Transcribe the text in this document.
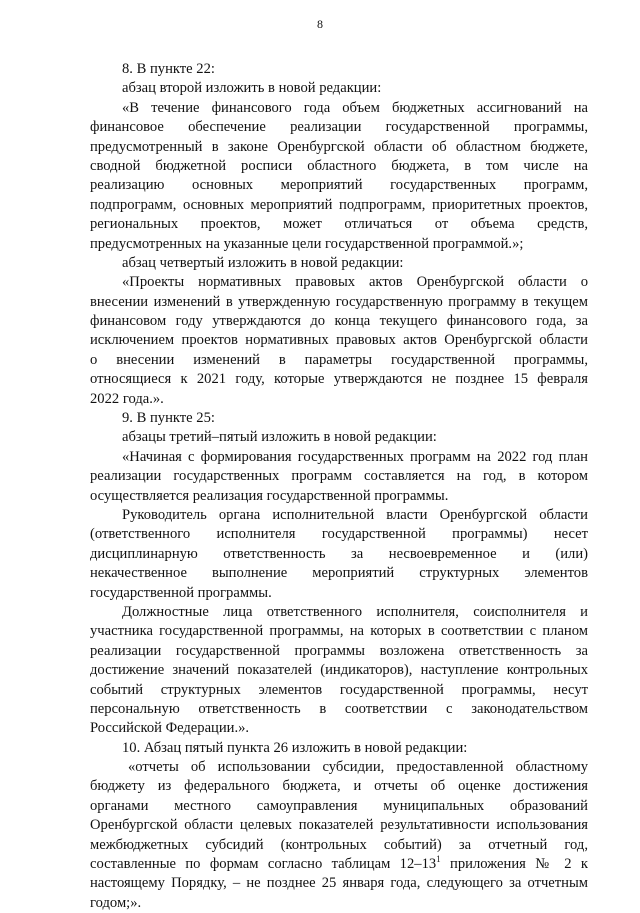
8
8. В пункте 22:
абзац второй изложить в новой редакции:
«В течение финансового года объем бюджетных ассигнований на
финансовое обеспечение реализации государственной программы,
предусмотренный в законе Оренбургской области об областном бюджете,
сводной бюджетной росписи областного бюджета, в том числе на
реализацию основных мероприятий государственных программ,
подпрограмм, основных мероприятий подпрограмм, приоритетных проектов,
региональных проектов, может отличаться от объема средств,
предусмотренных на указанные цели государственной программой.»;
абзац четвертый изложить в новой редакции:
«Проекты нормативных правовых актов Оренбургской области о
внесении изменений в утвержденную государственную программу в текущем
финансовом году утверждаются до конца текущего финансового года, за
исключением проектов нормативных правовых актов Оренбургской области
о внесении изменений в параметры государственной программы,
относящиеся к 2021 году, которые утверждаются не позднее 15 февраля
2022 года.».
9. В пункте 25:
абзацы третий–пятый изложить в новой редакции:
«Начиная с формирования государственных программ на 2022 год план
реализации государственных программ составляется на год, в котором
осуществляется реализация государственной программы.
Руководитель органа исполнительной власти Оренбургской области
(ответственного исполнителя государственной программы) несет
дисциплинарную ответственность за несвоевременное и (или)
некачественное выполнение мероприятий структурных элементов
государственной программы.
Должностные лица ответственного исполнителя, соисполнителя и
участника государственной программы, на которых в соответствии с планом
реализации государственной программы возложена ответственность за
достижение значений показателей (индикаторов), наступление контрольных
событий структурных элементов государственной программы, несут
персональную ответственность в соответствии с законодательством
Российской Федерации.».
10. Абзац пятый пункта 26 изложить в новой редакции:
«отчеты об использовании субсидии, предоставленной областному
бюджету из федерального бюджета, и отчеты об оценке достижения
органами местного самоуправления муниципальных образований
Оренбургской области целевых показателей результативности использования
межбюджетных субсидий (контрольных событий) за отчетный год,
составленные по формам согласно таблицам $12-13^1$ приложения № 2 к
настоящему Порядку, – не позднее 25 января года, следующего за отчетным
годом;».
